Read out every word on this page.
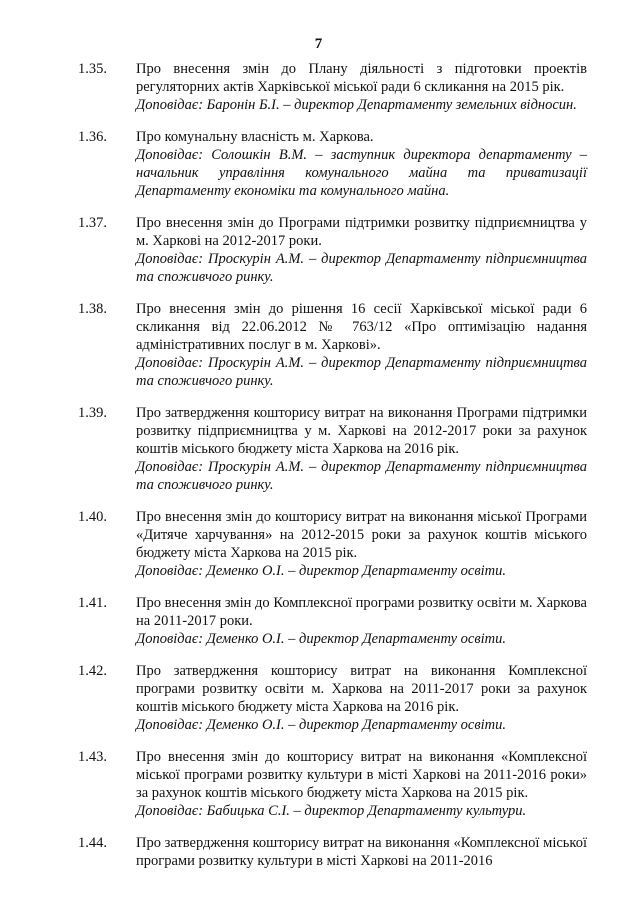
7
1.35.	Про внесення змін до Плану діяльності з підготовки проектів регуляторних актів Харківської міської ради 6 скликання на 2015 рік.

Доповідає: Баронін Б.І. – директор Департаменту земельних відносин.

1.36.	Про комунальну власність м. Харкова.

Доповідає: Солошкін В.М. – заступник директора департаменту – начальник управління комунального майна та приватизації Департаменту економіки та комунального майна.

1.37.	Про внесення змін до Програми підтримки розвитку підприємництва у м. Харкові на 2012-2017 роки.

Доповідає: Проскурін А.М. – директор Департаменту підприємництва та споживчого ринку.

1.38.	Про внесення змін до рішення 16 сесії Харківської міської ради 6 скликання від 22.06.2012 № 763/12 «Про оптимізацію надання адміністративних послуг в м. Харкові».

Доповідає: Проскурін А.М. – директор Департаменту підприємництва та споживчого ринку.

1.39.	Про затвердження кошторису витрат на виконання Програми підтримки розвитку підприємництва у м. Харкові на 2012-2017 роки за рахунок коштів міського бюджету міста Харкова на 2016 рік.

Доповідає: Проскурін А.М. – директор Департаменту підприємництва та споживчого ринку.

1.40.	Про внесення змін до кошторису витрат на виконання міської Програми «Дитяче харчування» на 2012-2015 роки за рахунок коштів міського бюджету міста Харкова на 2015 рік.

Доповідає: Деменко О.І. – директор Департаменту освіти.

1.41.	Про внесення змін до Комплексної програми розвитку освіти м. Харкова на 2011-2017 роки.

Доповідає: Деменко О.І. – директор Департаменту освіти.

1.42.	Про затвердження кошторису витрат на виконання Комплексної програми розвитку освіти м. Харкова на 2011-2017 роки за рахунок коштів міського бюджету міста Харкова на 2016 рік.

Доповідає: Деменко О.І. – директор Департаменту освіти.

1.43.	Про внесення змін до кошторису витрат на виконання «Комплексної міської програми розвитку культури в місті Харкові на 2011-2016 роки» за рахунок коштів міського бюджету міста Харкова на 2015 рік.

Доповідає: Бабицька С.І. – директор Департаменту культури.

1.44.	Про затвердження кошторису витрат на виконання «Комплексної міської програми розвитку культури в місті Харкові на 2011-2016
